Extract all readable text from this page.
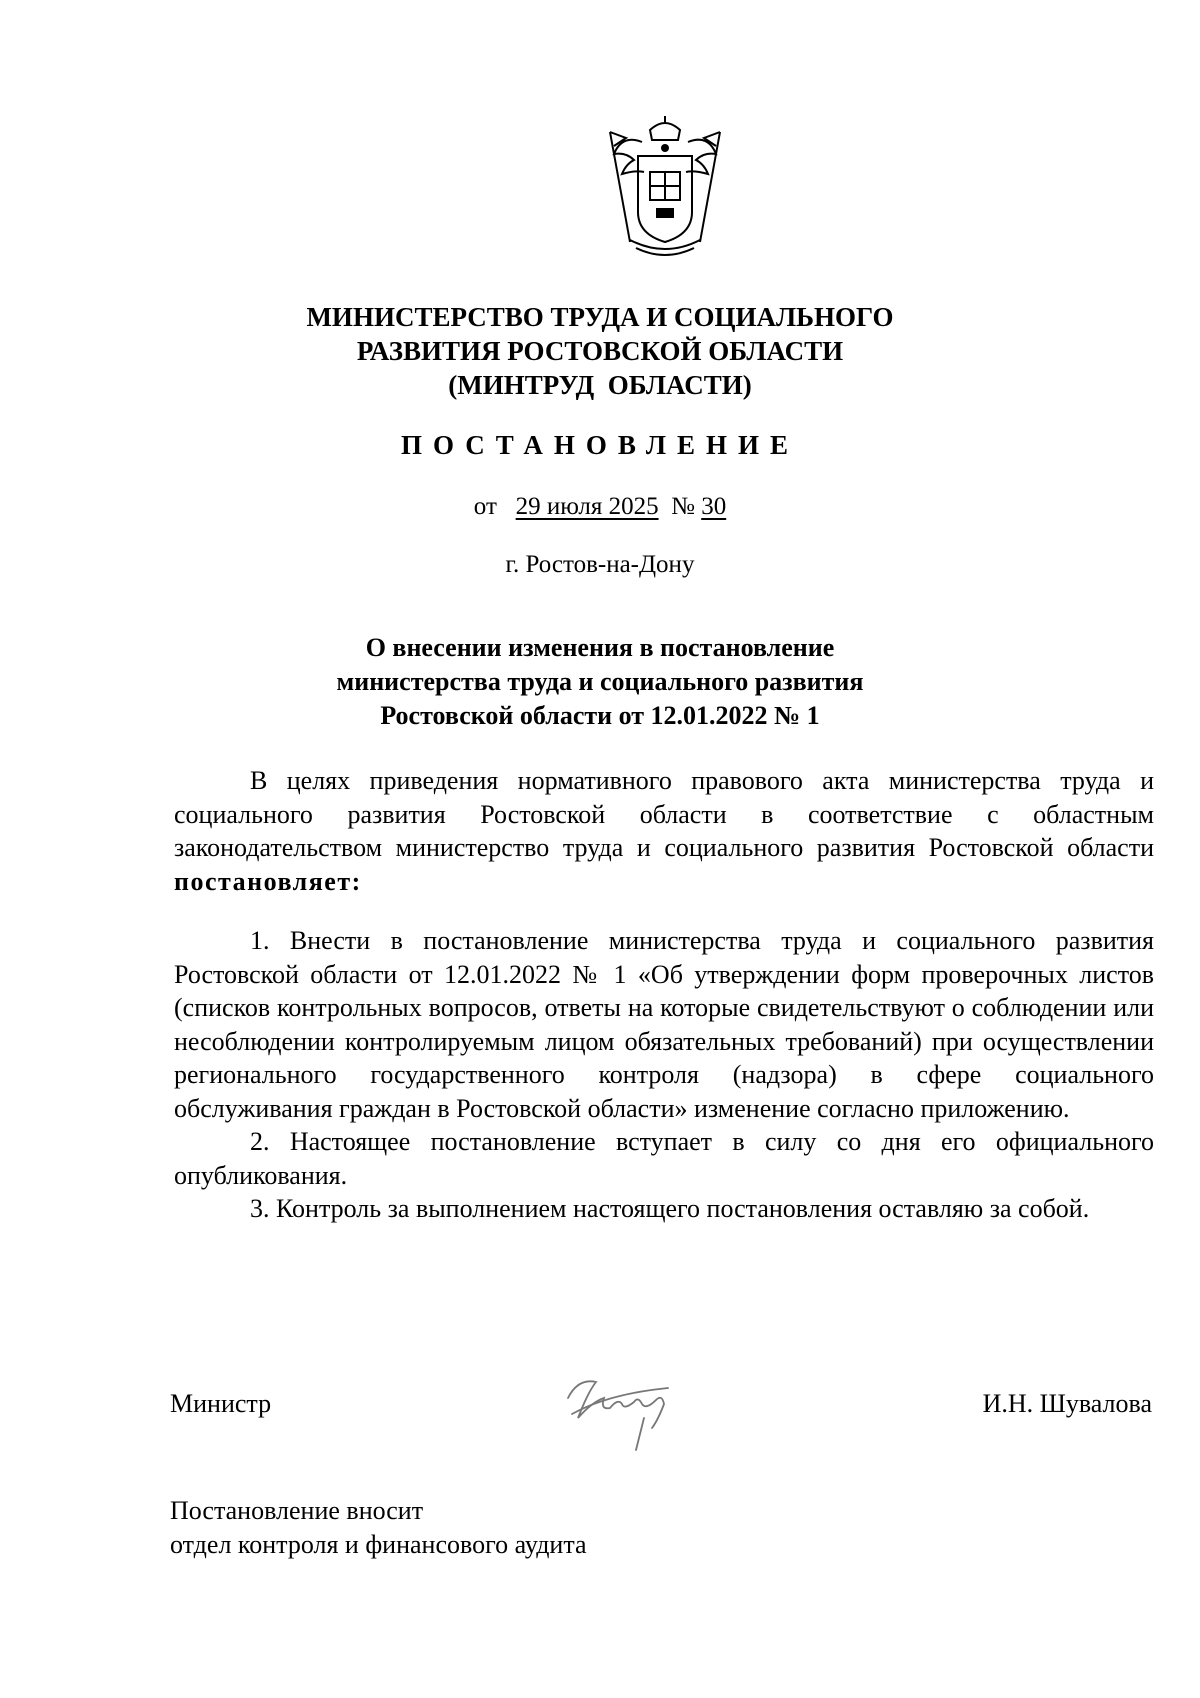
МИНИСТЕРСТВО ТРУДА И СОЦИАЛЬНОГО
РАЗВИТИЯ РОСТОВСКОЙ ОБЛАСТИ
(МИНТРУД  ОБЛАСТИ)
ПОСТАНОВЛЕНИЕ
от 29 июля 2025 № 30
г. Ростов-на-Дону
О внесении изменения в постановление
министерства труда и социального развития
Ростовской области от 12.01.2022 № 1

В целях приведения нормативного правового акта министерства труда и социального развития Ростовской области в соответствие с областным законодательством министерство труда и социального развития Ростовской области постановляет:

1. Внести в постановление министерства труда и социального развития Ростовской области от 12.01.2022 № 1 «Об утверждении форм проверочных листов (списков контрольных вопросов, ответы на которые свидетельствуют о соблюдении или несоблюдении контролируемым лицом обязательных требований) при осуществлении регионального государственного контроля (надзора) в сфере социального обслуживания граждан в Ростовской области» изменение согласно приложению.

2. Настоящее постановление вступает в силу со дня его официального опубликования.

3. Контроль за выполнением настоящего постановления оставляю за собой.

Министр	И.Н. Шувалова
Постановление вносит
отдел контроля и финансового аудита
